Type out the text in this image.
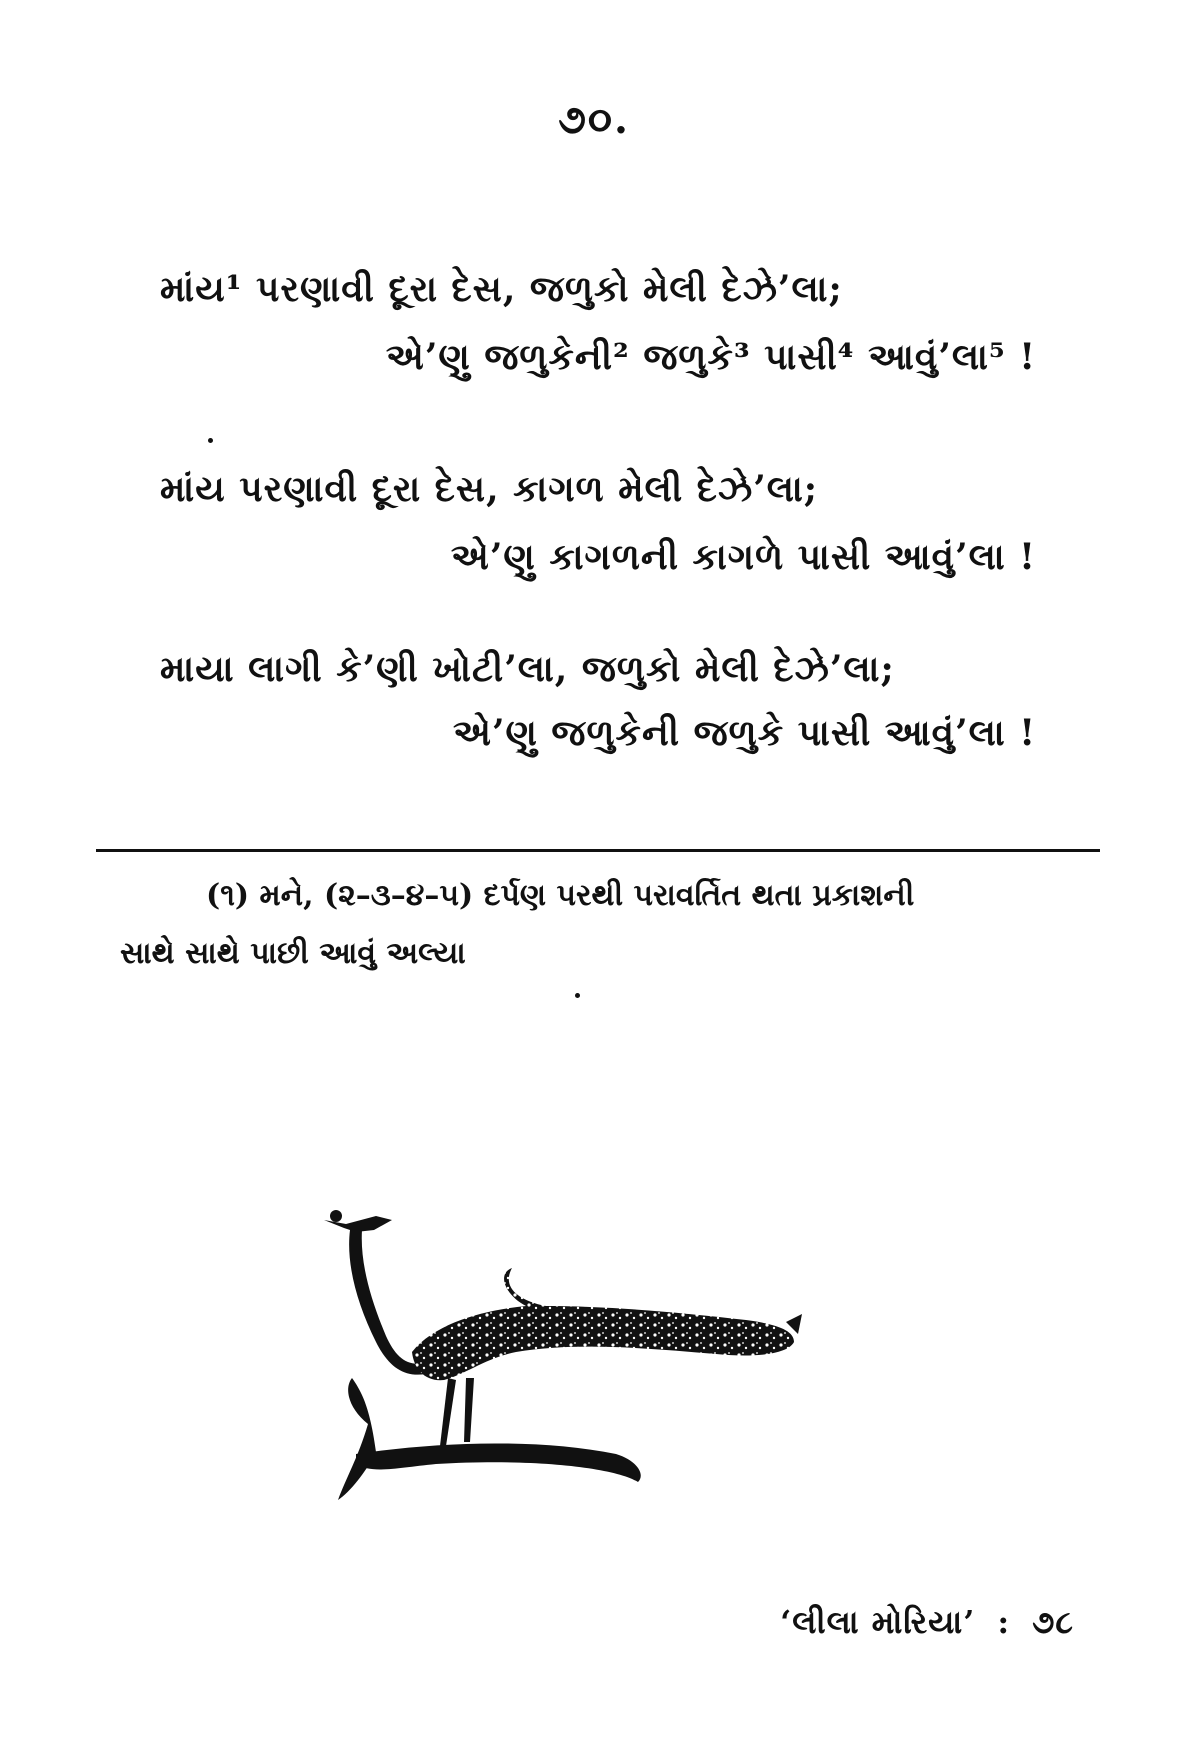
૭૦.
માંય¹ પરણાવી દૂરા દેસ, જળુકો મેલી દેઝે’લા;
એ’ણુ જળુકેની² જળુકે³ પાસી⁴ આવું’લા⁵ !
માંય પરણાવી દૂરા દેસ, કાગળ મેલી દેઝે’લા;
એ’ણુ કાગળની કાગળે પાસી આવું’લા !
માયા લાગી કે’ણી ખોટી’લા, જળુકો મેલી દેઝે’લા;
એ’ણુ જળુકેની જળુકે પાસી આવું’લા !
(૧) મને, (૨–૩–૪–૫) દર્પણ પરથી પરાવર્તિત થતા પ્રકાશની
સાથે સાથે પાછી આવું અલ્યા
‘લીલા મોરિયા’ : ૭૮
